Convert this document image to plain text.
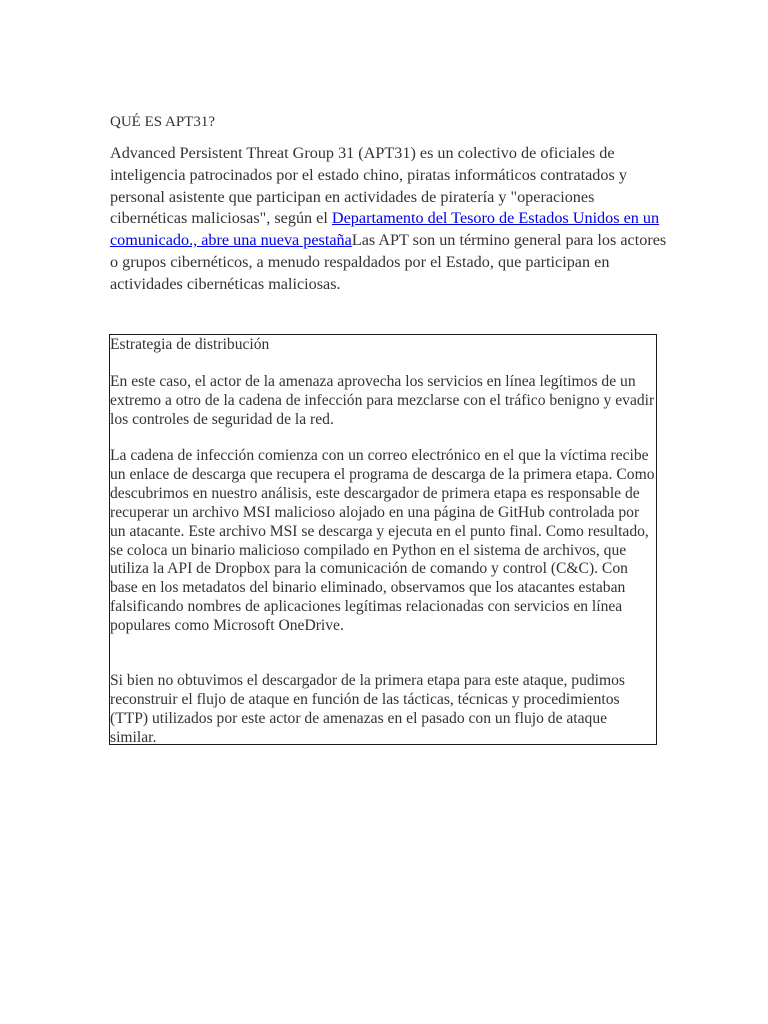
QUÉ ES APT31?

Advanced Persistent Threat Group 31 (APT31) es un colectivo de oficiales de inteligencia patrocinados por el estado chino, piratas informáticos contratados y personal asistente que participan en actividades de piratería y "operaciones cibernéticas maliciosas", según el Departamento del Tesoro de Estados Unidos en un comunicado., abre una nueva pestañaLas APT son un término general para los actores o grupos cibernéticos, a menudo respaldados por el Estado, que participan en actividades cibernéticas maliciosas.

Estrategia de distribución

En este caso, el actor de la amenaza aprovecha los servicios en línea legítimos de un extremo a otro de la cadena de infección para mezclarse con el tráfico benigno y evadir los controles de seguridad de la red.

La cadena de infección comienza con un correo electrónico en el que la víctima recibe un enlace de descarga que recupera el programa de descarga de la primera etapa. Como descubrimos en nuestro análisis, este descargador de primera etapa es responsable de recuperar un archivo MSI malicioso alojado en una página de GitHub controlada por un atacante. Este archivo MSI se descarga y ejecuta en el punto final. Como resultado, se coloca un binario malicioso compilado en Python en el sistema de archivos, que utiliza la API de Dropbox para la comunicación de comando y control (C&C). Con base en los metadatos del binario eliminado, observamos que los atacantes estaban falsificando nombres de aplicaciones legítimas relacionadas con servicios en línea populares como Microsoft OneDrive.

Si bien no obtuvimos el descargador de la primera etapa para este ataque, pudimos reconstruir el flujo de ataque en función de las tácticas, técnicas y procedimientos (TTP) utilizados por este actor de amenazas en el pasado con un flujo de ataque similar.
